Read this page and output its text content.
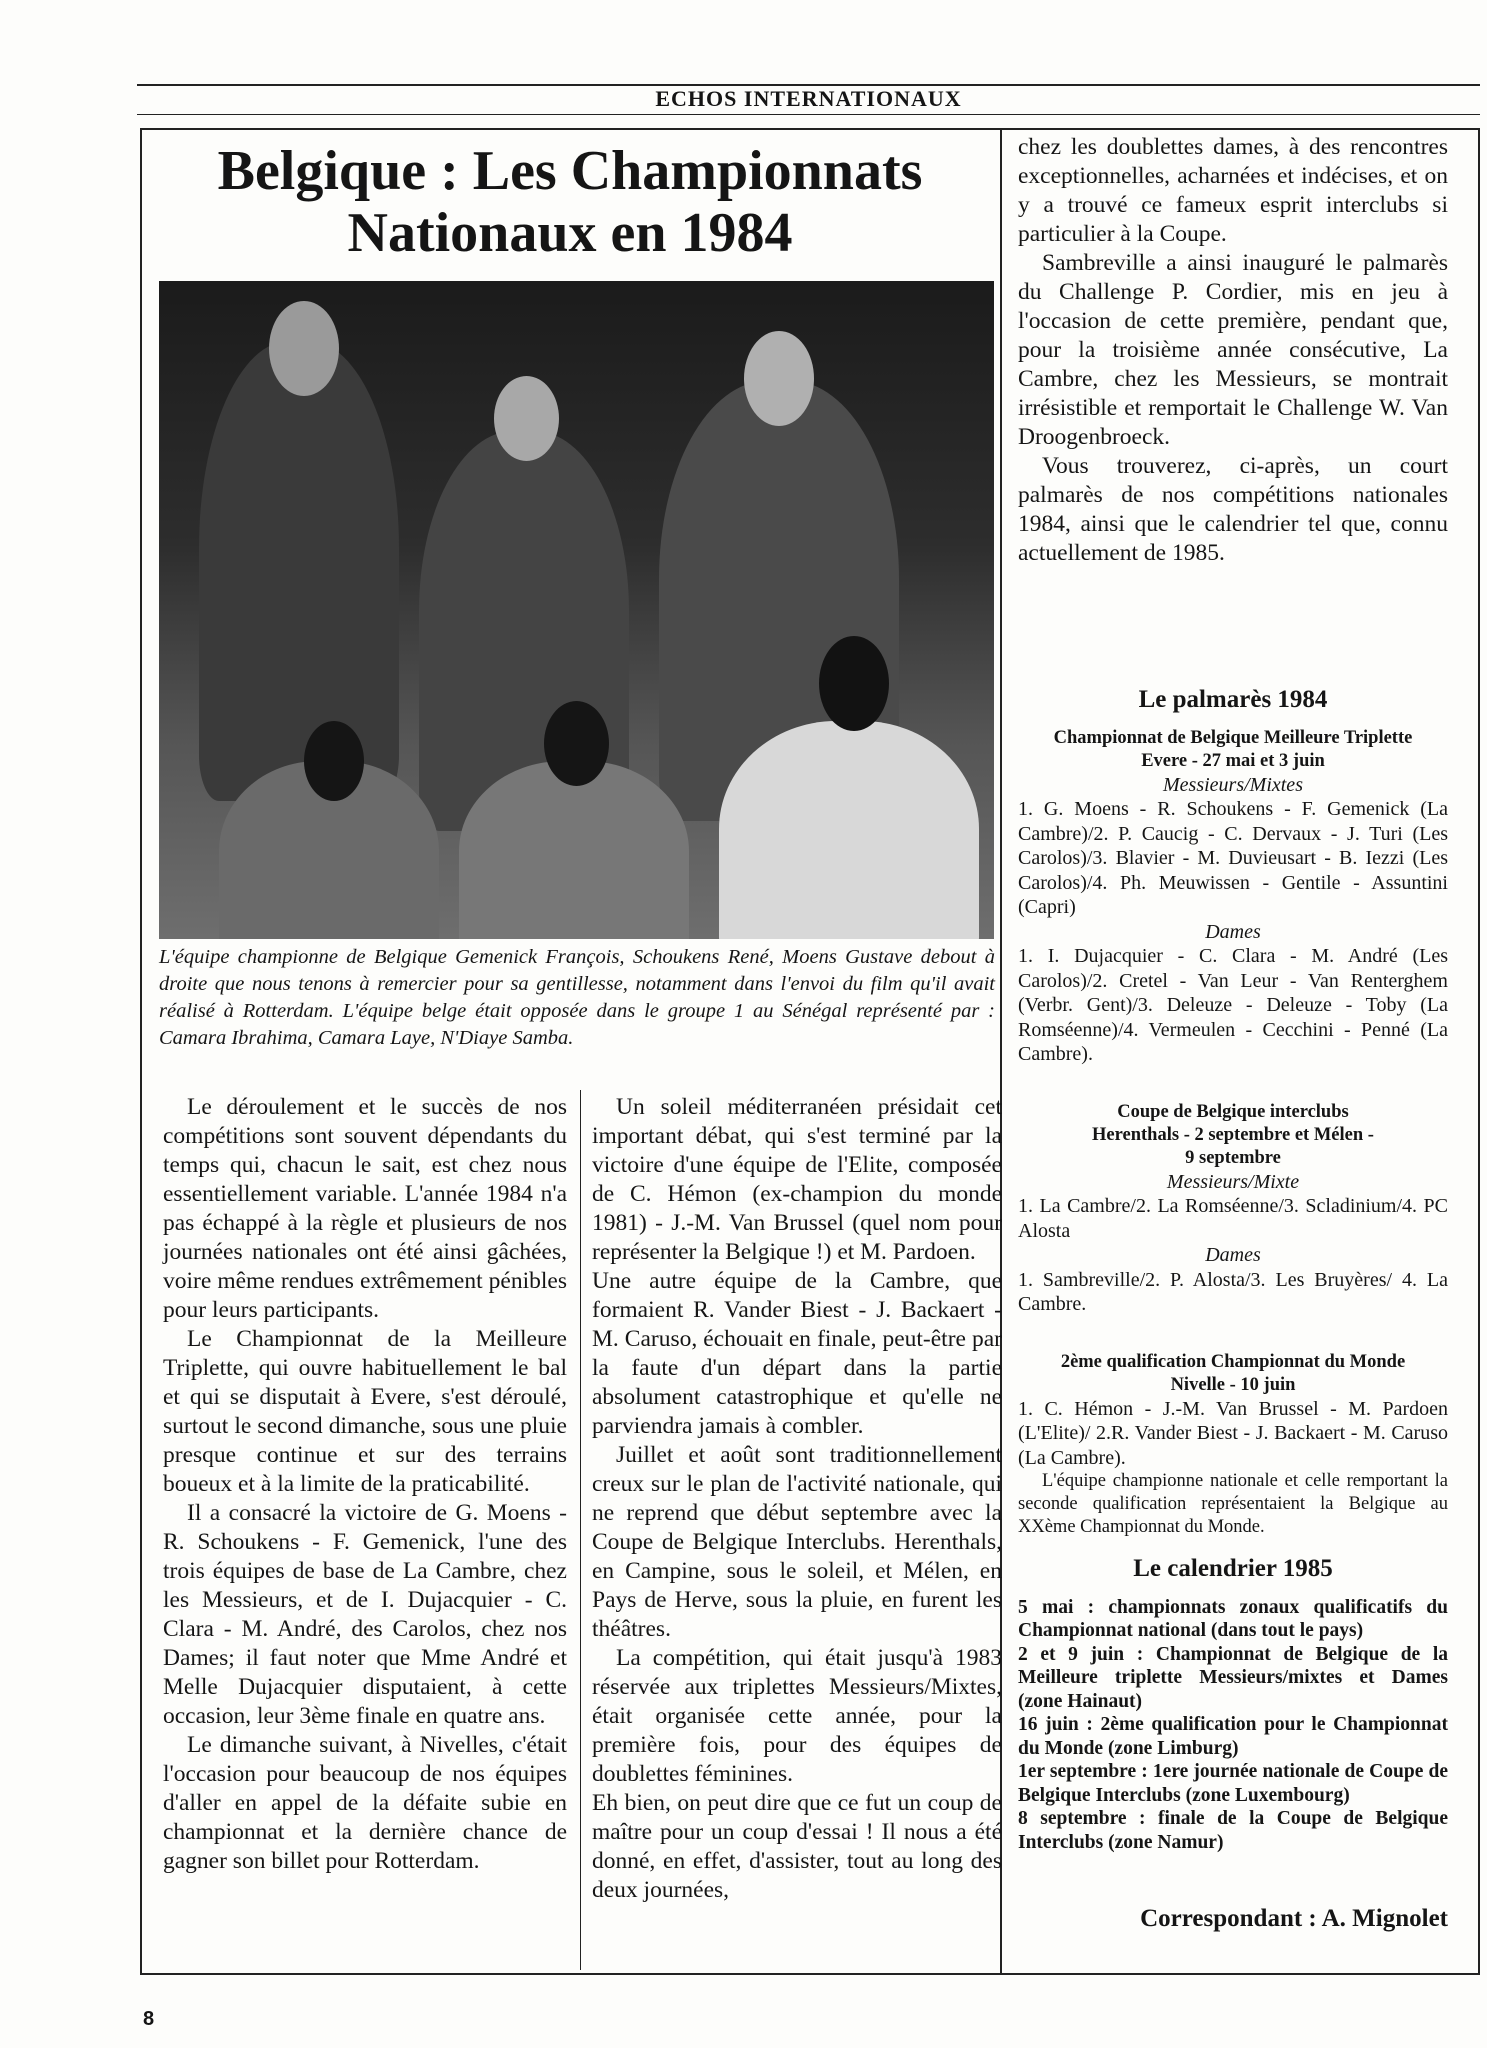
ECHOS INTERNATIONAUX
Belgique : Les Championnats
Nationaux en 1984
L'équipe championne de Belgique Gemenick François, Schoukens René, Moens Gustave debout à droite que nous tenons à remercier pour sa gentillesse, notamment dans l'envoi du film qu'il avait réalisé à Rotterdam. L'équipe belge était opposée dans le groupe 1 au Sénégal représenté par : Camara Ibrahima, Camara Laye, N'Diaye Samba.

Le déroulement et le succès de nos compétitions sont souvent dépendants du temps qui, chacun le sait, est chez nous essentiellement variable. L'année 1984 n'a pas échappé à la règle et plusieurs de nos journées nationales ont été ainsi gâchées, voire même rendues extrêmement pénibles pour leurs participants.

Le Championnat de la Meilleure Triplette, qui ouvre habituellement le bal et qui se disputait à Evere, s'est déroulé, surtout le second dimanche, sous une pluie presque continue et sur des terrains boueux et à la limite de la praticabilité.

Il a consacré la victoire de G. Moens - R. Schoukens - F. Gemenick, l'une des trois équipes de base de La Cambre, chez les Messieurs, et de I. Dujacquier - C. Clara - M. André, des Carolos, chez nos Dames; il faut noter que Mme André et Melle Dujacquier disputaient, à cette occasion, leur 3ème finale en quatre ans.

Le dimanche suivant, à Nivelles, c'était l'occasion pour beaucoup de nos équipes d'aller en appel de la défaite subie en championnat et la dernière chance de gagner son billet pour Rotterdam.

Un soleil méditerranéen présidait cet important débat, qui s'est terminé par la victoire d'une équipe de l'Elite, composée de C. Hémon (ex-champion du monde 1981) - J.-M. Van Brussel (quel nom pour représenter la Belgique !) et M. Pardoen.

Une autre équipe de la Cambre, que formaient R. Vander Biest - J. Backaert - M. Caruso, échouait en finale, peut-être par la faute d'un départ dans la partie absolument catastrophique et qu'elle ne parviendra jamais à combler.

Juillet et août sont traditionnellement creux sur le plan de l'activité nationale, qui ne reprend que début septembre avec la Coupe de Belgique Interclubs. Herenthals, en Campine, sous le soleil, et Mélen, en Pays de Herve, sous la pluie, en furent les théâtres.

La compétition, qui était jusqu'à 1983 réservée aux triplettes Messieurs/Mixtes, était organisée cette année, pour la première fois, pour des équipes de doublettes féminines.

Eh bien, on peut dire que ce fut un coup de maître pour un coup d'essai ! Il nous a été donné, en effet, d'assister, tout au long des deux journées,

chez les doublettes dames, à des rencontres exceptionnelles, acharnées et indécises, et on y a trouvé ce fameux esprit interclubs si particulier à la Coupe.

Sambreville a ainsi inauguré le palmarès du Challenge P. Cordier, mis en jeu à l'occasion de cette première, pendant que, pour la troisième année consécutive, La Cambre, chez les Messieurs, se montrait irrésistible et remportait le Challenge W. Van Droogenbroeck.

Vous trouverez, ci-après, un court palmarès de nos compétitions nationales 1984, ainsi que le calendrier tel que, connu actuellement de 1985.

Le palmarès 1984
Championnat de Belgique Meilleure Triplette Evere - 27 mai et 3 juin
Messieurs/Mixtes
1. G. Moens - R. Schoukens - F. Gemenick (La Cambre)/2. P. Caucig - C. Dervaux - J. Turi (Les Carolos)/3. Blavier - M. Duvieusart - B. Iezzi (Les Carolos)/4. Ph. Meuwissen - Gentile - Assuntini (Capri)
Dames
1. I. Dujacquier - C. Clara - M. André (Les Carolos)/2. Cretel - Van Leur - Van Renterghem (Verbr. Gent)/3. Deleuze - Deleuze - Toby (La Romséenne)/4. Vermeulen - Cecchini - Penné (La Cambre).
Coupe de Belgique interclubs Herenthals - 2 septembre et Mélen - 9 septembre
Messieurs/Mixte
1. La Cambre/2. La Romséenne/3. Scladinium/4. PC Alosta
Dames
1. Sambreville/2. P. Alosta/3. Les Bruyères/ 4. La Cambre.
2ème qualification Championnat du Monde Nivelle - 10 juin
1. C. Hémon - J.-M. Van Brussel - M. Pardoen (L'Elite)/ 2.R. Vander Biest - J. Backaert - M. Caruso (La Cambre).
L'équipe championne nationale et celle remportant la seconde qualification représentaient la Belgique au XXème Championnat du Monde.
Le calendrier 1985
5 mai : championnats zonaux qualificatifs du Championnat national (dans tout le pays)
2 et 9 juin : Championnat de Belgique de la Meilleure triplette Messieurs/mixtes et Dames (zone Hainaut)
16 juin : 2ème qualification pour le Championnat du Monde (zone Limburg)
1er septembre : 1ere journée nationale de Coupe de Belgique Interclubs (zone Luxembourg)
8 septembre : finale de la Coupe de Belgique Interclubs (zone Namur)
Correspondant : A. Mignolet
8
